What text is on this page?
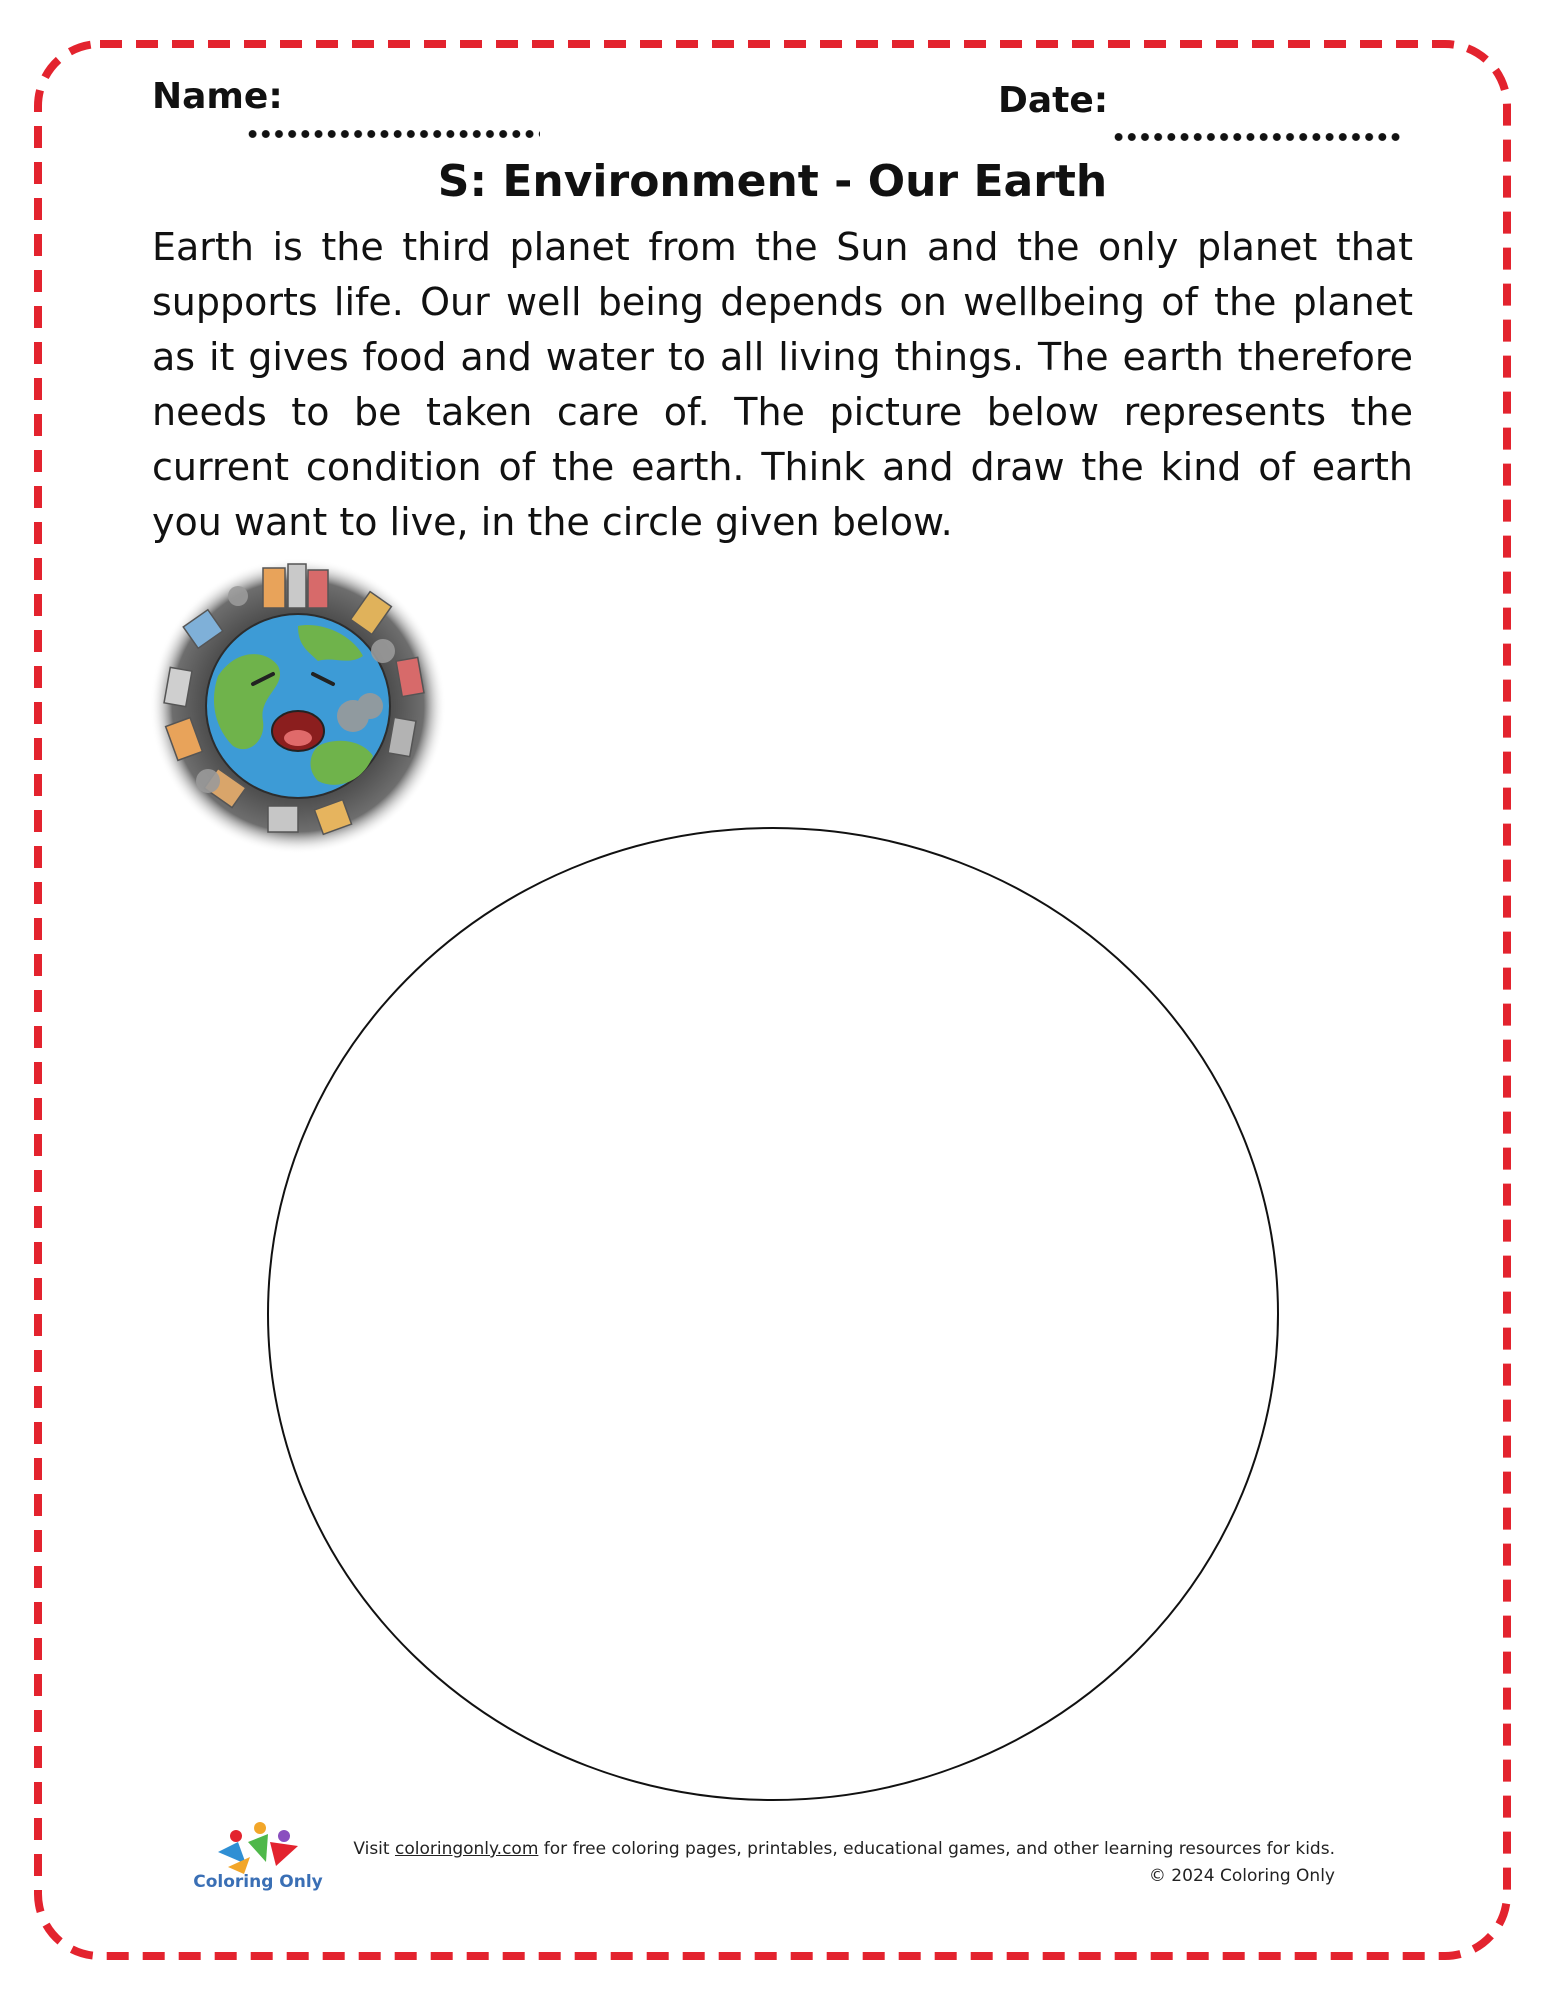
Name:	Date:
S: Environment - Our Earth

Earth is the third planet from the Sun and the only planet that supports life. Our well being depends on wellbeing of the planet as it gives food and water to all living things. The earth therefore needs to be taken care of. The picture below represents the current condition of the earth. Think and draw the kind of earth you want to live, in the circle given below.

Coloring Only
Visit coloringonly.com for free coloring pages, printables, educational games, and other learning resources for kids.
© 2024 Coloring Only
